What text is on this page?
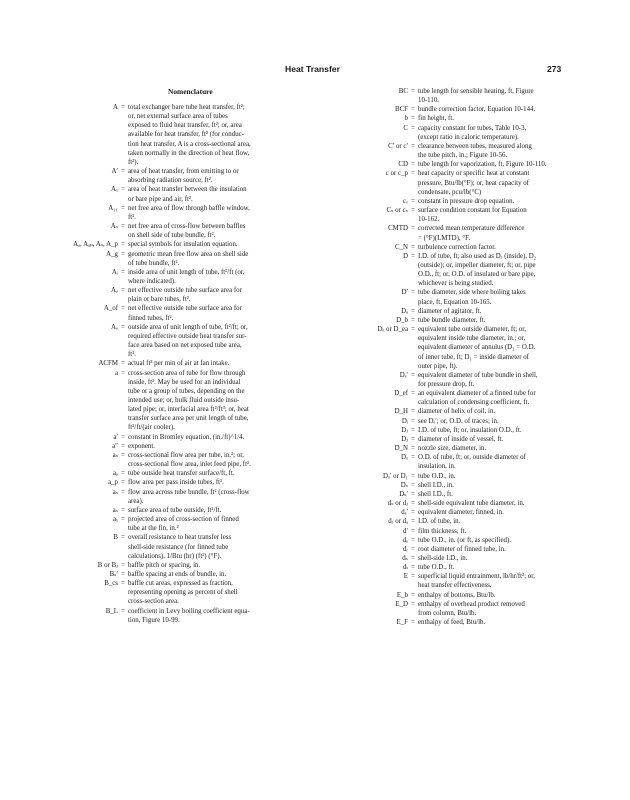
Heat Transfer	273
Nomenclature
A = total exchanger bare tube heat transfer, ft²;
or, net external surface area of tubes
exposed to fluid heat transfer, ft²; or, area
available for heat transfer, ft² (for conduc-
tion heat transfer, A is a cross-sectional area,
taken normally in the direction of heat flow,
ft²).
A′ = area of heat transfer, from emitting to or
absorbing radiation source, ft².
Aₓ = area of heat transfer between the insulation
or bare pipe and air, ft².
A₁₁ = net free area of flow through baffle window,
ft².
Aₛ = net free area of cross-flow between baffles
on shell side of tube bundle, ft².
Aₐ, Aₐₚ, Aₛ, A_p = special symbols for insulation equation.
A_g = geometric mean free flow area on shell side
of tube bundle, ft².
Aᵢ = inside area of unit length of tube, ft²/ft (or,
where indicated).
Aₒ = net effective outside tube surface area for
plain or bare tubes, ft².
A_of = net effective outside tube surface area for
finned tubes, ft².
Aₒ = outside area of unit length of tube, ft²/ft; or,
required effective outside heat transfer sur-
face area based on net exposed tube area,
ft².
ACFM = actual ft³ per min of air at fan intake.
a = cross-section area of tube for flow through
inside, ft². May be used for an individual
tube or a group of tubes, depending on the
intended use; or, bulk fluid outside insu-
lated pipe; or, interfacial area ft²/ft³; or, heat
transfer surface area per unit length of tube,
ft²/ft/(air cooler).
a′ = constant in Bromley equation, (in./ft)^1/4.
a″ = exponent.
aₛ = cross-sectional flow area per tube, in.²; or,
cross-sectional flow area, inlet feed pipe, ft².
aₒ = tube outside heat transfer surface/ft, ft.
a_p = flow area per pass inside tubes, ft².
aₛ = flow area across tube bundle, ft² (cross-flow
area).
aₛ = surface area of tube outside, ft²/ft.
aₓ = projected area of cross-section of finned
tube at the fin, in.²
B = overall resistance to heat transfer less
shell-side resistance (for finned tube
calculations), 1/Btu (hr) (ft²) (°F).
B or Bⱼ = baffle pitch or spacing, in.
Bₛ′ = baffle spacing at ends of bundle, in.
B_cs = baffle cut areas, expressed as fraction,
representing opening as percent of shell
cross-section area.
B_L = coefficient in Levy boiling coefficient equa-
tion, Figure 10-99.
BC = tube length for sensible heating, ft, Figure
10-110.
BCF = bundle correction factor, Equation 10-144.
b = fin height, ft.
C = capacity constant for tubes, Table 10-3,
(except ratio in caloric temperature).
C′ or c′ = clearance between tubes, measured along
the tube pitch, in.; Figure 10-56.
CD = tube length for vaporization, ft, Figure 10-110.
c or c_p = heat capacity or specific heat at constant
pressure, Btu/lb(°F); or, heat capacity of
condensate, pcu/lb(°C)
cᵥ = constant in pressure drop equation.
Cₛ or cₛ = surface condition constant for Equation
10-162.
CMTD = corrected mean temperature difference
= (°F)(LMTD), °F.
C_N = turbulence correction factor.
D = I.D. of tube, ft; also used as Dⱼ (inside), D₂
(outside); or, impeller diameter, ft; or, pipe
O.D., ft; or, O.D. of insulated or bare pipe,
whichever is being studied.
D′ = tube diameter, side where boiling takes
place, ft, Equation 10-165.
Dₐ = diameter of agitator, ft.
D_b = tube bundle diameter, ft.
Dₑ or D_ea = equivalent tube outside diameter, ft; or,
equivalent inside tube diameter, in.; or,
equivalent diameter of annulus (D₂ = O.D.
of inner tube, ft; D₁ = inside diameter of
outer pipe, ft).
Dₑ′ = equivalent diameter of tube bundle in shell,
for pressure drop, ft.
D_ef = an equivalent diameter of a finned tube for
calculation of condensing coefficient, ft.
D_H = diameter of helix of coil, in.
Dᵢ = see Dₑ′; or, O.D. of traces; in.
Dⱼ = I.D. of tube, ft; or, insulation O.D., ft.
Dⱼ = diameter of inside of vessel, ft.
D_N = nozzle size, diameter, in.
Dₒ = O.D. of tube, ft; or, outside diameter of
insulation, in.
Dₒ′ or D₁ = tube O.D., in.
Dₛ = shell I.D., in.
Dₛ′ = shell I.D., ft.
dₛ or dⱼ = shell-side equivalent tube diameter, in.
dₑ′ = equivalent diameter, finned, in.
dⱼ or dₐ = I.D. of tube, in.
d′ = film thickness, ft.
dₒ = tube O.D., in. (or ft, as specified).
dᵣ = root diameter of finned tube, in.
dₛ = shell-side I.D., in.
dₜ = tube O.D., ft.
E = superficial liquid entrainment, lb/hr/ft²; or,
heat transfer effectiveness.
E_b = enthalpy of bottoms, Btu/lb.
E_D = enthalpy of overhead product removed
from column, Btu/lb.
E_F = enthalpy of feed, Btu/lb.
